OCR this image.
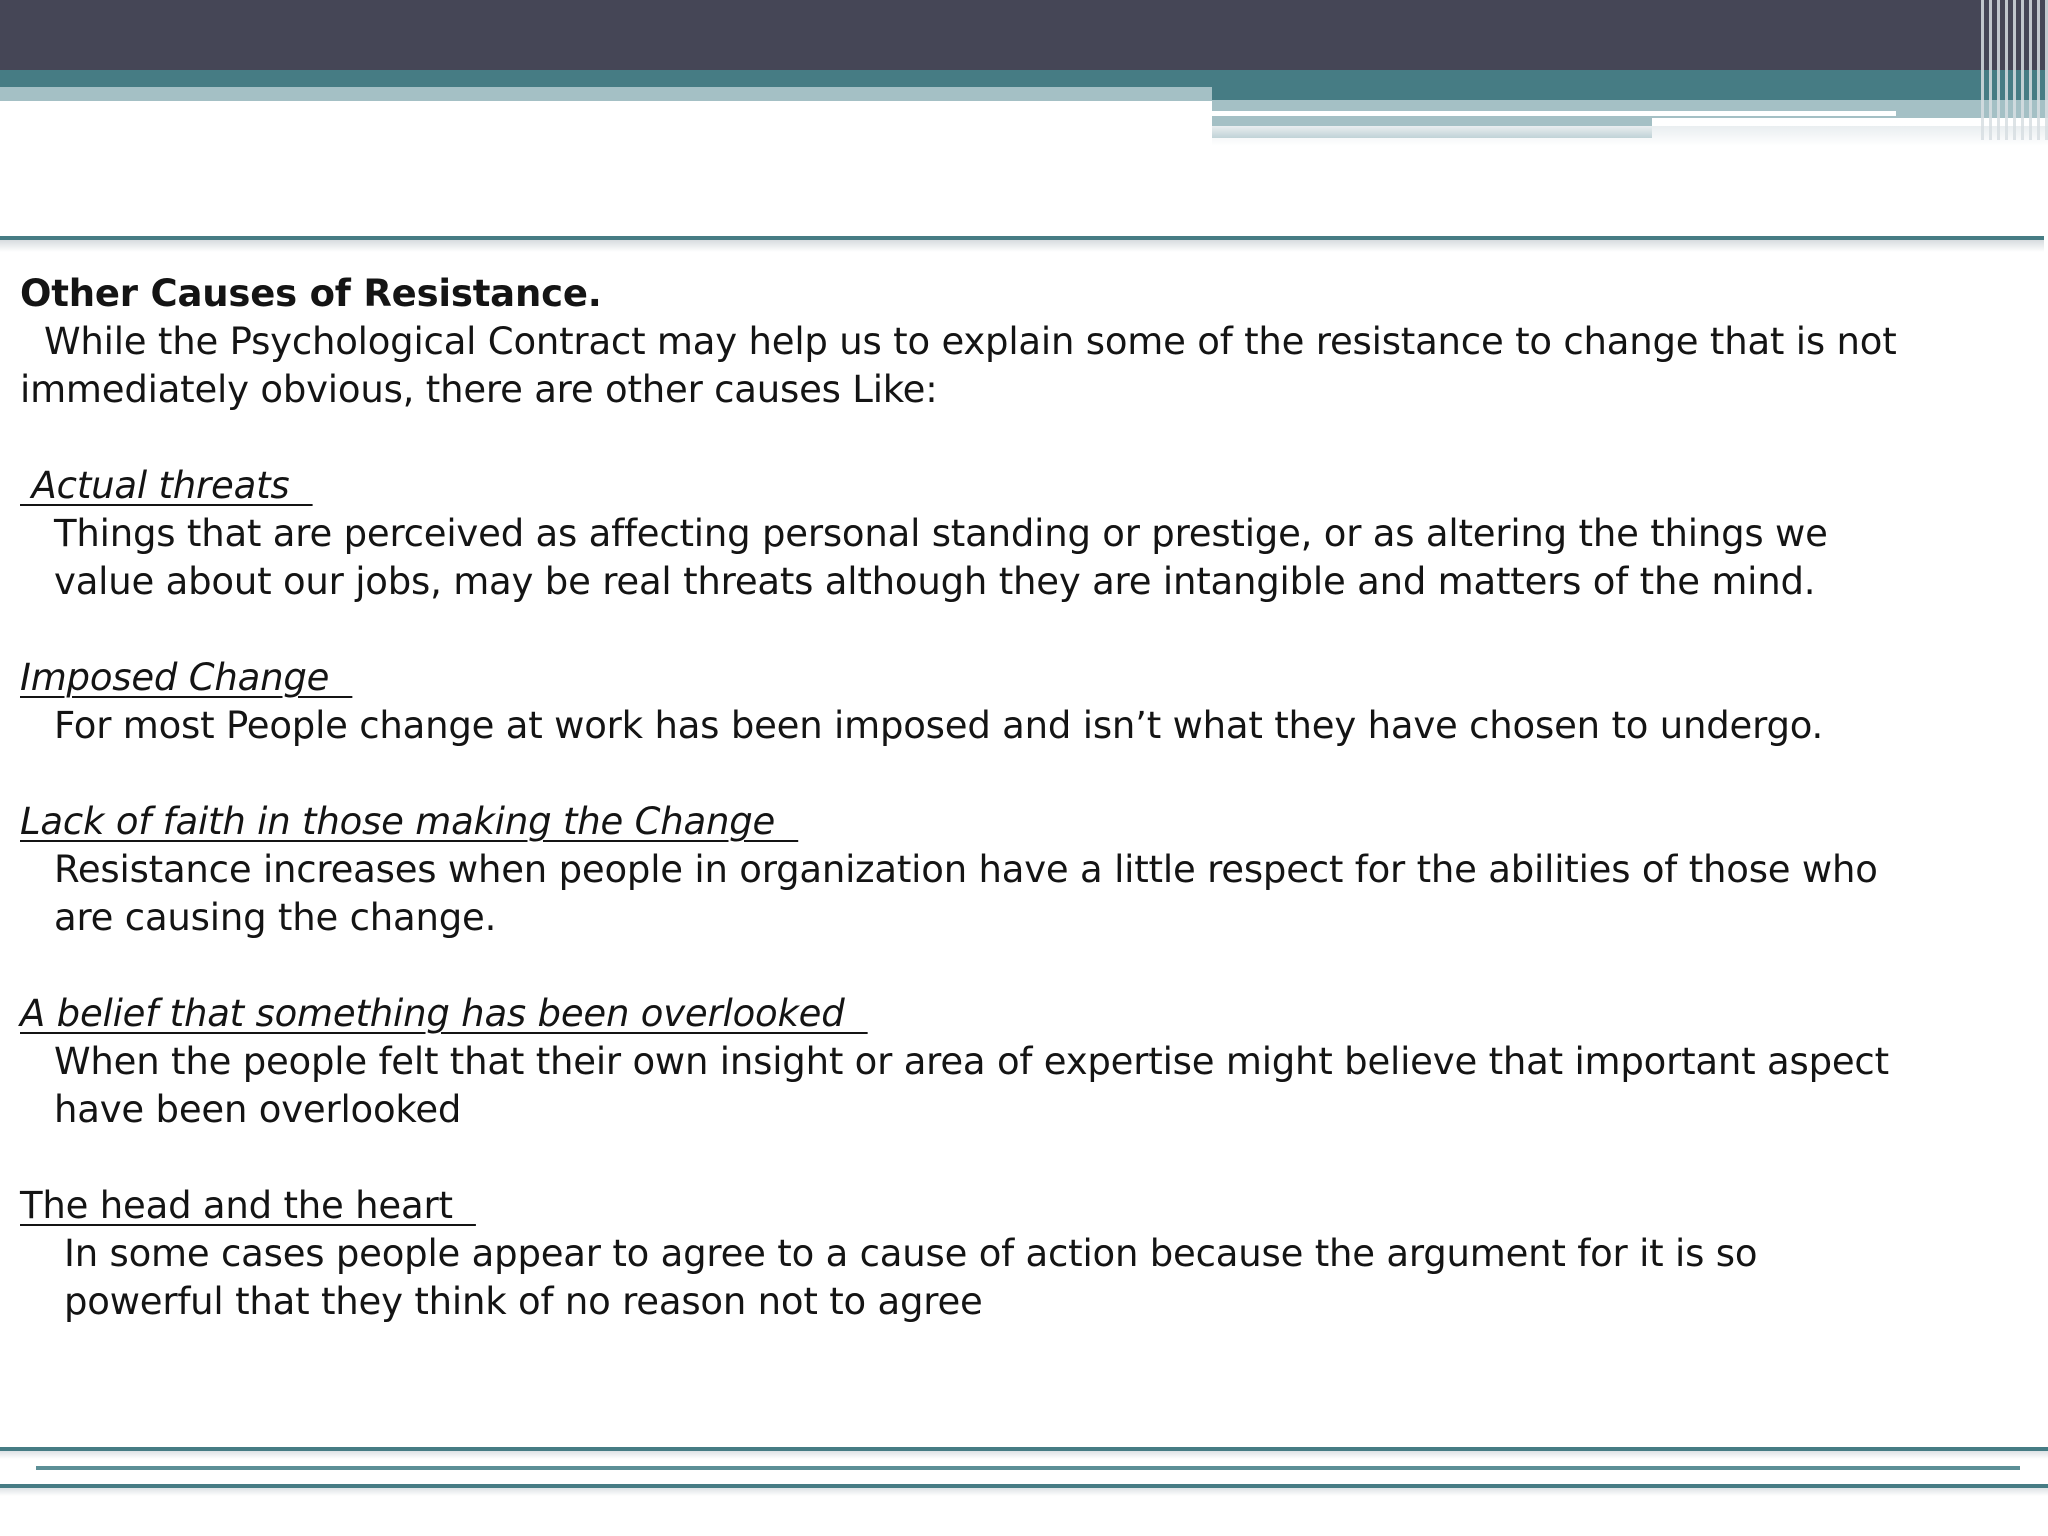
Other Causes of Resistance.

While the Psychological Contract may help us to explain some of the resistance to change that is not

immediately obvious, there are other causes Like:

Actual threats

Things that are perceived as affecting personal standing or prestige, or as altering the things we

value about our jobs, may be real threats although they are intangible and matters of the mind.

Imposed Change

For most People change at work has been imposed and isn’t what they have chosen to undergo.

Lack of faith in those making the Change

Resistance increases when people in organization have a little respect for the abilities of those who

are causing the change.

A belief that something has been overlooked

When the people felt that their own insight or area of expertise might believe that important aspect

have been overlooked

The head and the heart

In some cases people appear to agree to a cause of action because the argument for it is so

powerful that they think of no reason not to agree
